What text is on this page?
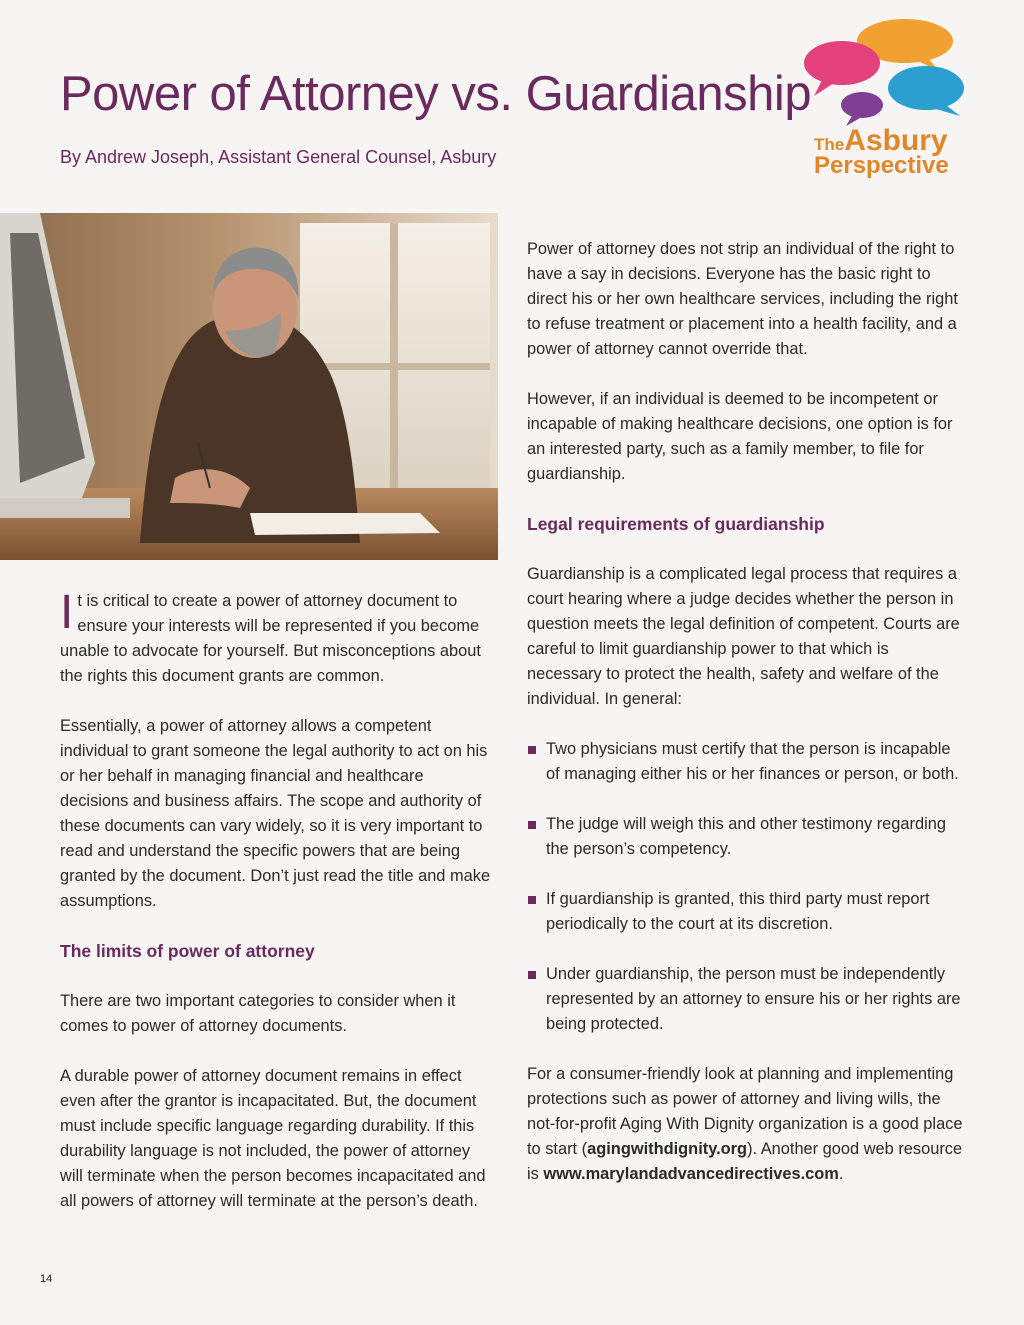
Power of Attorney vs. Guardianship
By Andrew Joseph, Assistant General Counsel, Asbury
TheAsbury
Perspective

It is critical to create a power of attorney document to ensure your interests will be represented if you become unable to advocate for yourself. But misconceptions about the rights this document grants are common.

Essentially, a power of attorney allows a competent individual to grant someone the legal authority to act on his or her behalf in managing financial and healthcare decisions and business affairs. The scope and authority of these documents can vary widely, so it is very important to read and understand the specific powers that are being granted by the document. Don’t just read the title and make assumptions.

The limits of power of attorney

There are two important categories to consider when it comes to power of attorney documents.

A durable power of attorney document remains in effect even after the grantor is incapacitated. But, the document must include specific language regarding durability. If this durability language is not included, the power of attorney will terminate when the person becomes incapacitated and all powers of attorney will terminate at the person’s death.

Power of attorney does not strip an individual of the right to have a say in decisions. Everyone has the basic right to direct his or her own healthcare services, including the right to refuse treatment or placement into a health facility, and a power of attorney cannot override that.

However, if an individual is deemed to be incompetent or incapable of making healthcare decisions, one option is for an interested party, such as a family member, to file for guardianship.

Legal requirements of guardianship

Guardianship is a complicated legal process that requires a court hearing where a judge decides whether the person in question meets the legal definition of competent. Courts are careful to limit guardianship power to that which is necessary to protect the health, safety and welfare of the individual. In general:

Two physicians must certify that the person is incapable of managing either his or her finances or person, or both.
The judge will weigh this and other testimony regarding the person’s competency.
If guardianship is granted, this third party must report periodically to the court at its discretion.
Under guardianship, the person must be independently represented by an attorney to ensure his or her rights are being protected.

For a consumer-friendly look at planning and implementing protections such as power of attorney and living wills, the not-for-profit Aging With Dignity organization is a good place to start (agingwithdignity.org). Another good web resource is www.marylandadvancedirectives.com.

14
